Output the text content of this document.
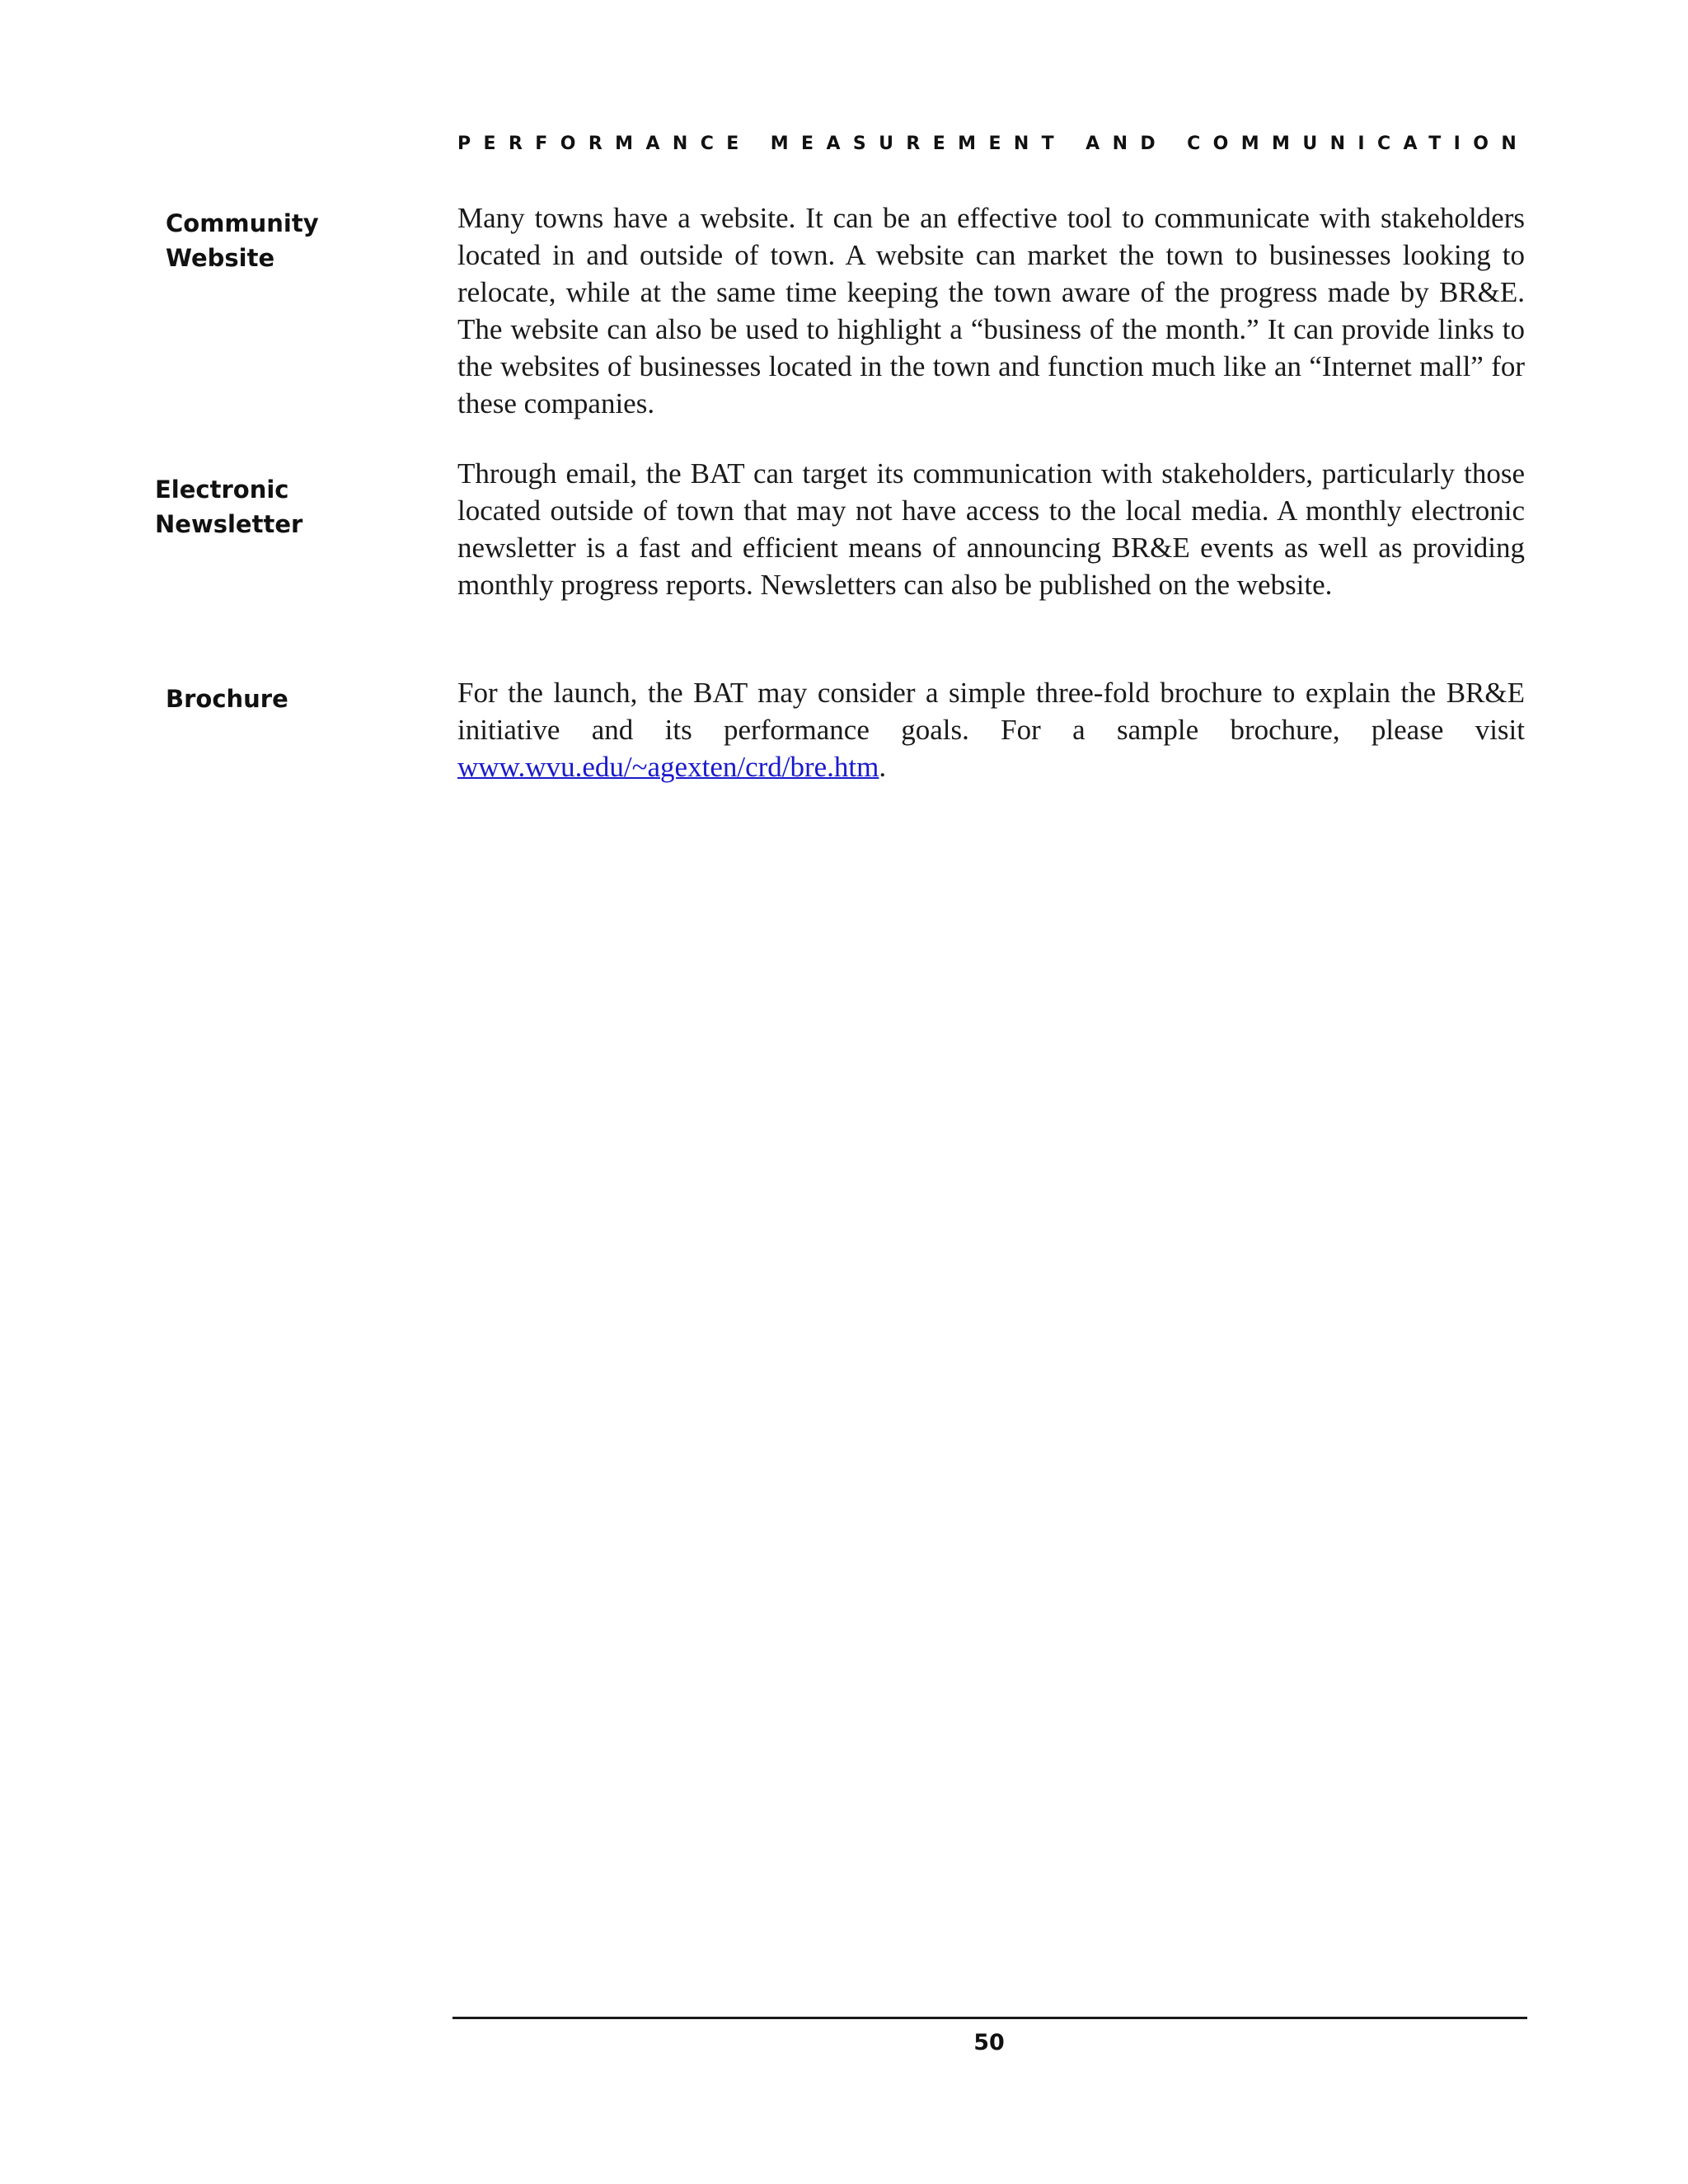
PERFORMANCE MEASUREMENT AND COMMUNICATION
Community
Website

Many towns have a website. It can be an effective tool to communicate with stakeholders located in and outside of town. A website can market the town to businesses looking to relocate, while at the same time keeping the town aware of the progress made by BR&E. The website can also be used to highlight a “business of the month.” It can provide links to the websites of businesses located in the town and function much like an “Internet mall” for these companies.

Electronic
Newsletter

Through email, the BAT can target its communication with stakeholders, particularly those located outside of town that may not have access to the local media. A monthly electronic newsletter is a fast and efficient means of announcing BR&E events as well as providing monthly progress reports. Newsletters can also be published on the website.

Brochure	For the launch, the BAT may consider a simple three-fold brochure to explain the BR&E initiative and its performance goals. For a sample brochure, please visit www.wvu.edu/~agexten/crd/bre.htm.

50
